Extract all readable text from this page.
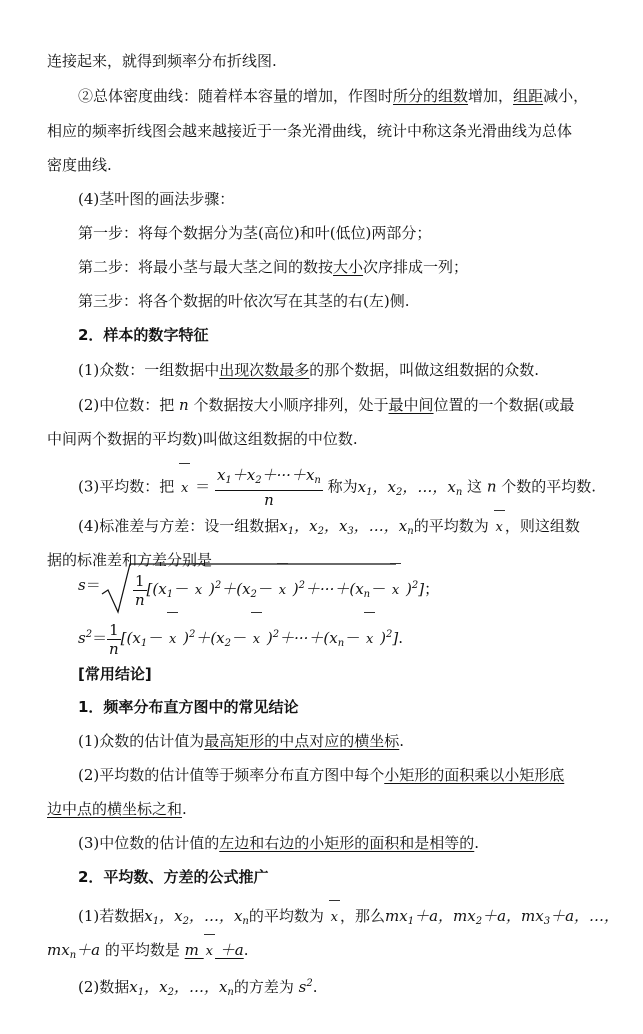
连接起来，就得到频率分布折线图.
②总体密度曲线：随着样本容量的增加，作图时所分的组数增加，组距减小，
相应的频率折线图会越来越接近于一条光滑曲线，统计中称这条光滑曲线为总体
密度曲线.
(4)茎叶图的画法步骤：
第一步：将每个数据分为茎(高位)和叶(低位)两部分；
第二步：将最小茎与最大茎之间的数按大小次序排成一列；
第三步：将各个数据的叶依次写在其茎的右(左)侧.
2．样本的数字特征
(1)众数：一组数据中出现次数最多的那个数据，叫做这组数据的众数.
(2)中位数：把 n 个数据按大小顺序排列，处于最中间位置的一个数据(或最
中间两个数据的平均数)叫做这组数据的中位数.
(3)平均数：把 $x = \frac{x_1+x_2+\cdot\cdot\cdot+x_n}{n}$ 称为$x_1$，$x_2$，…，$x_n$ 这 n 个数的平均数.
(4)标准差与方差：设一组数据$x_1$，$x_2$，$x_3$，…，$x_n$的平均数为 x ，则这组数
据的标准差和方差分别是
$s= \frac{1}{n} [(x_1- x$ )$^2+(x_2- x$ )$^2+\cdot\cdot\cdot+(x_n- x$ )$^2$]；
$s^2= \frac{1}{n} [(x_1- x$ )$^2+(x_2- x$ )$^2+\cdot\cdot\cdot+(x_n- x$ )$^2$].
[常用结论]
1．频率分布直方图中的常见结论
(1)众数的估计值为最高矩形的中点对应的横坐标.
(2)平均数的估计值等于频率分布直方图中每个小矩形的面积乘以小矩形底
边中点的横坐标之和.
(3)中位数的估计值的左边和右边的小矩形的面积和是相等的.
2．平均数、方差的公式推广
(1)若数据$x_1$，$x_2$，…，$x_n$的平均数为 x ，那么$mx_1+a$，$mx_2+a$，$mx_3+a$，…，
$mx_n+a$ 的平均数是 m x ＋a.
(2)数据$x_1$，$x_2$，…，$x_n$的方差为 $s^2$.
